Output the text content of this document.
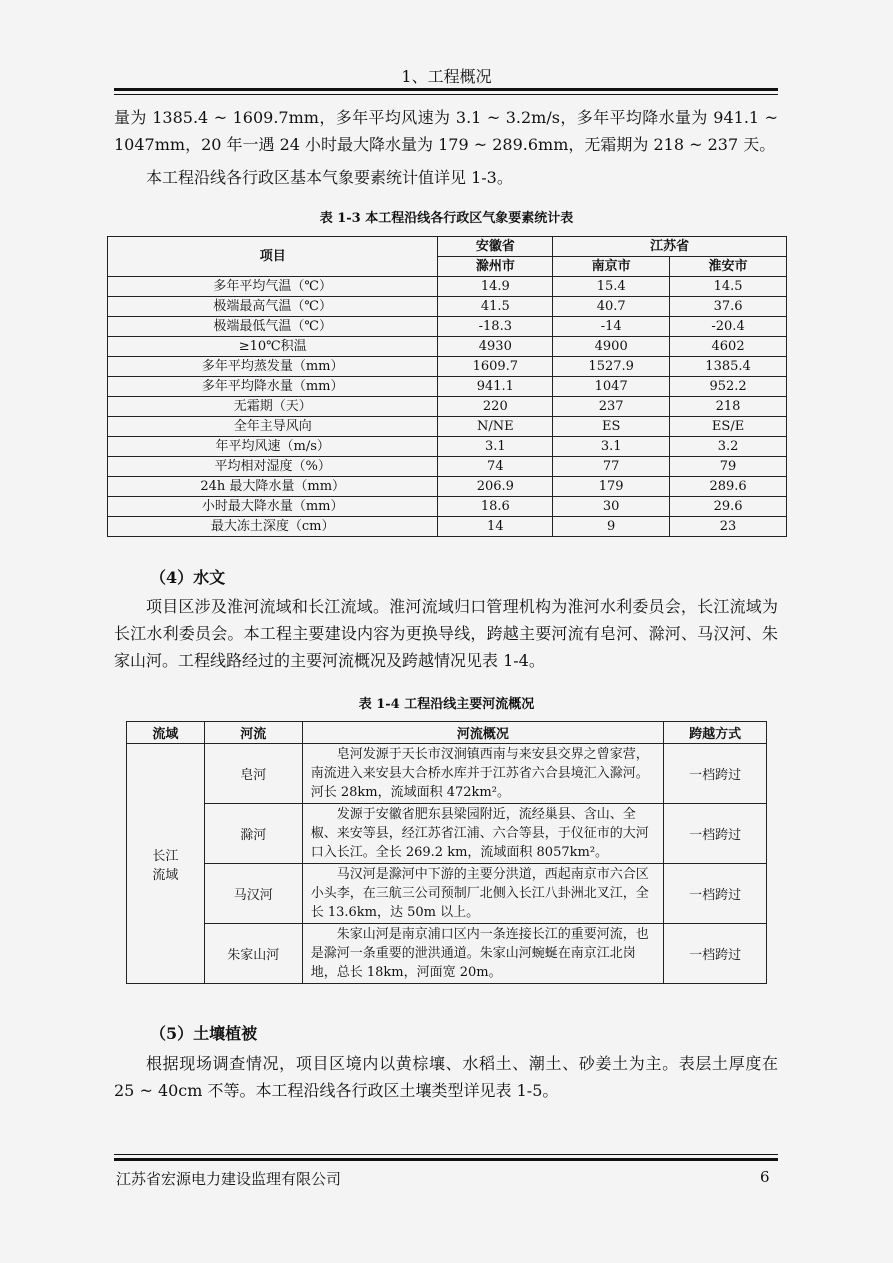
1、工程概况

量为 1385.4 ~ 1609.7mm，多年平均风速为 3.1 ~ 3.2m/s，多年平均降水量为 941.1 ~ 1047mm，20 年一遇 24 小时最大降水量为 179 ~ 289.6mm，无霜期为 218 ~ 237 天。

本工程沿线各行政区基本气象要素统计值详见 1-3。

表 1-3 本工程沿线各行政区气象要素统计表
项目	安徽省	江苏省	
	滁州市	南京市	淮安市
多年平均气温（℃）	14.9	15.4	14.5
极端最高气温（℃）	41.5	40.7	37.6
极端最低气温（℃）	-18.3	-14	-20.4
≥10℃积温	4930	4900	4602
多年平均蒸发量（mm）	1609.7	1527.9	1385.4
多年平均降水量（mm）	941.1	1047	952.2
无霜期（天）	220	237	218
全年主导风向	N/NE	ES	ES/E
年平均风速（m/s）	3.1	3.1	3.2
平均相对湿度（%）	74	77	79
24h 最大降水量（mm）	206.9	179	289.6
小时最大降水量（mm）	18.6	30	29.6
最大冻土深度（cm）	14	9	23
（4）水文
项目区涉及淮河流域和长江流域。淮河流域归口管理机构为淮河水利委员会，长江流域为长江水利委员会。本工程主要建设内容为更换导线，跨越主要河流有皂河、滁河、马汉河、朱家山河。工程线路经过的主要河流概况及跨越情况见表 1-4。
表 1-4 工程沿线主要河流概况
流域	河流	河流概况	跨越方式
长江
流域	皂河	皂河发源于天长市汊涧镇西南与来安县交界之曾家营，南流进入来安县大合桥水库并于江苏省六合县境汇入滁河。河长 28km，流域面积 472km²。	一档跨过
	滁河	发源于安徽省肥东县梁园附近，流经巢县、含山、全椒、来安等县，经江苏省江浦、六合等县，于仪征市的大河口入长江。全长 269.2 km，流域面积 8057km²。	一档跨过
	马汉河	马汉河是滁河中下游的主要分洪道，西起南京市六合区小头李，在三航三公司预制厂北侧入长江八卦洲北叉江，全长 13.6km，达 50m 以上。	一档跨过
	朱家山河	朱家山河是南京浦口区内一条连接长江的重要河流，也是滁河一条重要的泄洪通道。朱家山河蜿蜒在南京江北岗地，总长 18km，河面宽 20m。	一档跨过
（5）土壤植被
根据现场调查情况，项目区境内以黄棕壤、水稻土、潮土、砂姜土为主。表层土厚度在 25 ~ 40cm 不等。本工程沿线各行政区土壤类型详见表 1-5。
江苏省宏源电力建设监理有限公司	6
